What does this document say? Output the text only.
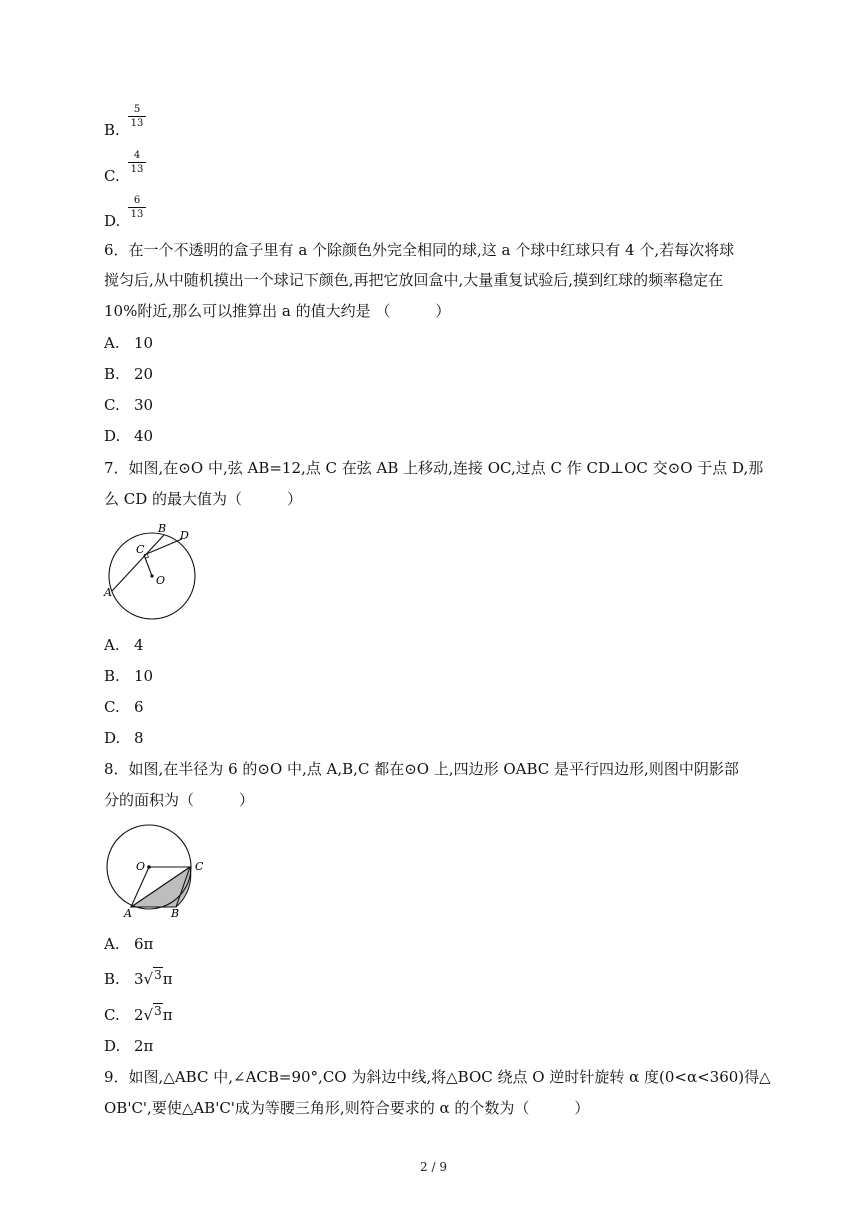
B.
$\frac{5}{13}$
C.
$\frac{4}{13}$
D.
$\frac{6}{13}$
6．在一个不透明的盒子里有 a 个除颜色外完全相同的球,这 a 个球中红球只有 4 个,若每次将球
搅匀后,从中随机摸出一个球记下颜色,再把它放回盒中,大量重复试验后,摸到红球的频率稳定在
10%附近,那么可以推算出 a 的值大约是 （　　　）
A. 10
B. 20
C. 30
D. 40
7．如图,在⊙O 中,弦 AB=12,点 C 在弦 AB 上移动,连接 OC,过点 C 作 CD⊥OC 交⊙O 于点 D,那
么 CD 的最大值为（　　　）
A
B
C
D
O
A. 4
B. 10
C. 6
D. 8
8．如图,在半径为 6 的⊙O 中,点 A,B,C 都在⊙O 上,四边形 OABC 是平行四边形,则图中阴影部
分的面积为（　　　）
O	C
A	B
A. 6π
B. 3√$^3$π
C. 2√$^3$π
D. 2π
9．如图,△ABC 中,∠ACB=90°,CO 为斜边中线,将△BOC 绕点 O 逆时针旋转 α 度(0<α<360)得△
OB'C',要使△AB'C'成为等腰三角形,则符合要求的 α 的个数为（　　　）
2 / 9
